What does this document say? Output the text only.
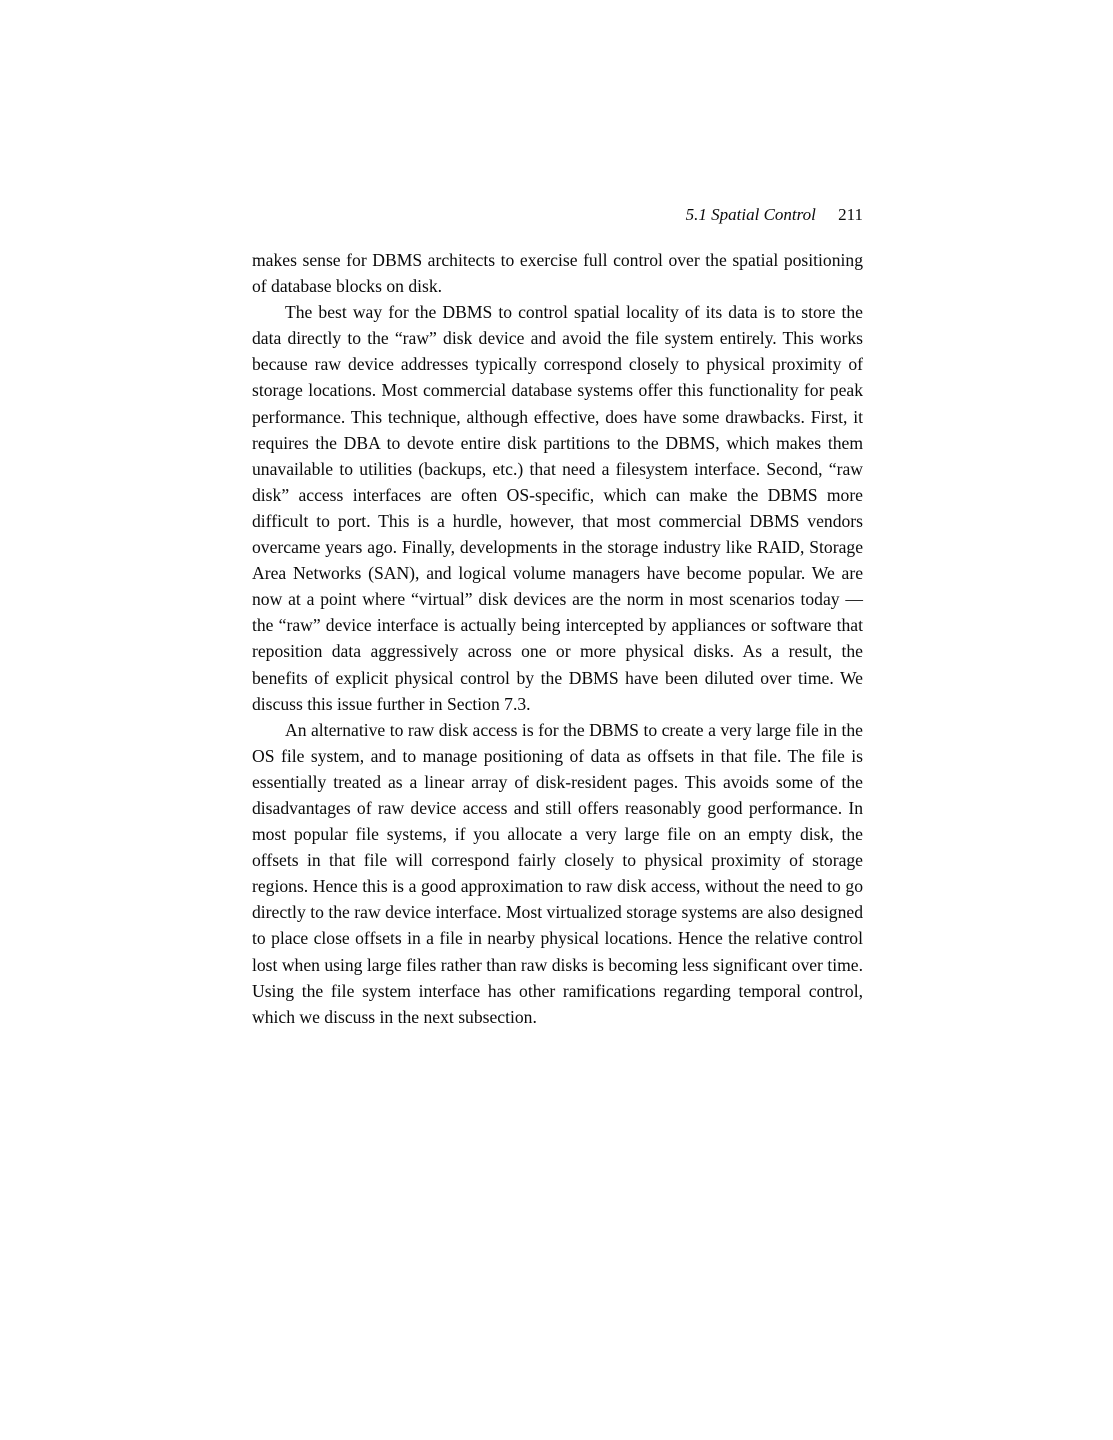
5.1 Spatial Control 211

makes sense for DBMS architects to exercise full control over the spatial positioning of database blocks on disk.

The best way for the DBMS to control spatial locality of its data is to store the data directly to the “raw” disk device and avoid the file system entirely. This works because raw device addresses typically correspond closely to physical proximity of storage locations. Most commercial database systems offer this functionality for peak performance. This technique, although effective, does have some drawbacks. First, it requires the DBA to devote entire disk partitions to the DBMS, which makes them unavailable to utilities (backups, etc.) that need a filesystem interface. Second, “raw disk” access interfaces are often OS-specific, which can make the DBMS more difficult to port. This is a hurdle, however, that most commercial DBMS vendors overcame years ago. Finally, developments in the storage industry like RAID, Storage Area Networks (SAN), and logical volume managers have become popular. We are now at a point where “virtual” disk devices are the norm in most scenarios today — the “raw” device interface is actually being intercepted by appliances or software that reposition data aggressively across one or more physical disks. As a result, the benefits of explicit physical control by the DBMS have been diluted over time. We discuss this issue further in Section 7.3.

An alternative to raw disk access is for the DBMS to create a very large file in the OS file system, and to manage positioning of data as offsets in that file. The file is essentially treated as a linear array of disk-resident pages. This avoids some of the disadvantages of raw device access and still offers reasonably good performance. In most popular file systems, if you allocate a very large file on an empty disk, the offsets in that file will correspond fairly closely to physical proximity of storage regions. Hence this is a good approximation to raw disk access, without the need to go directly to the raw device interface. Most virtualized storage systems are also designed to place close offsets in a file in nearby physical locations. Hence the relative control lost when using large files rather than raw disks is becoming less significant over time. Using the file system interface has other ramifications regarding temporal control, which we discuss in the next subsection.
